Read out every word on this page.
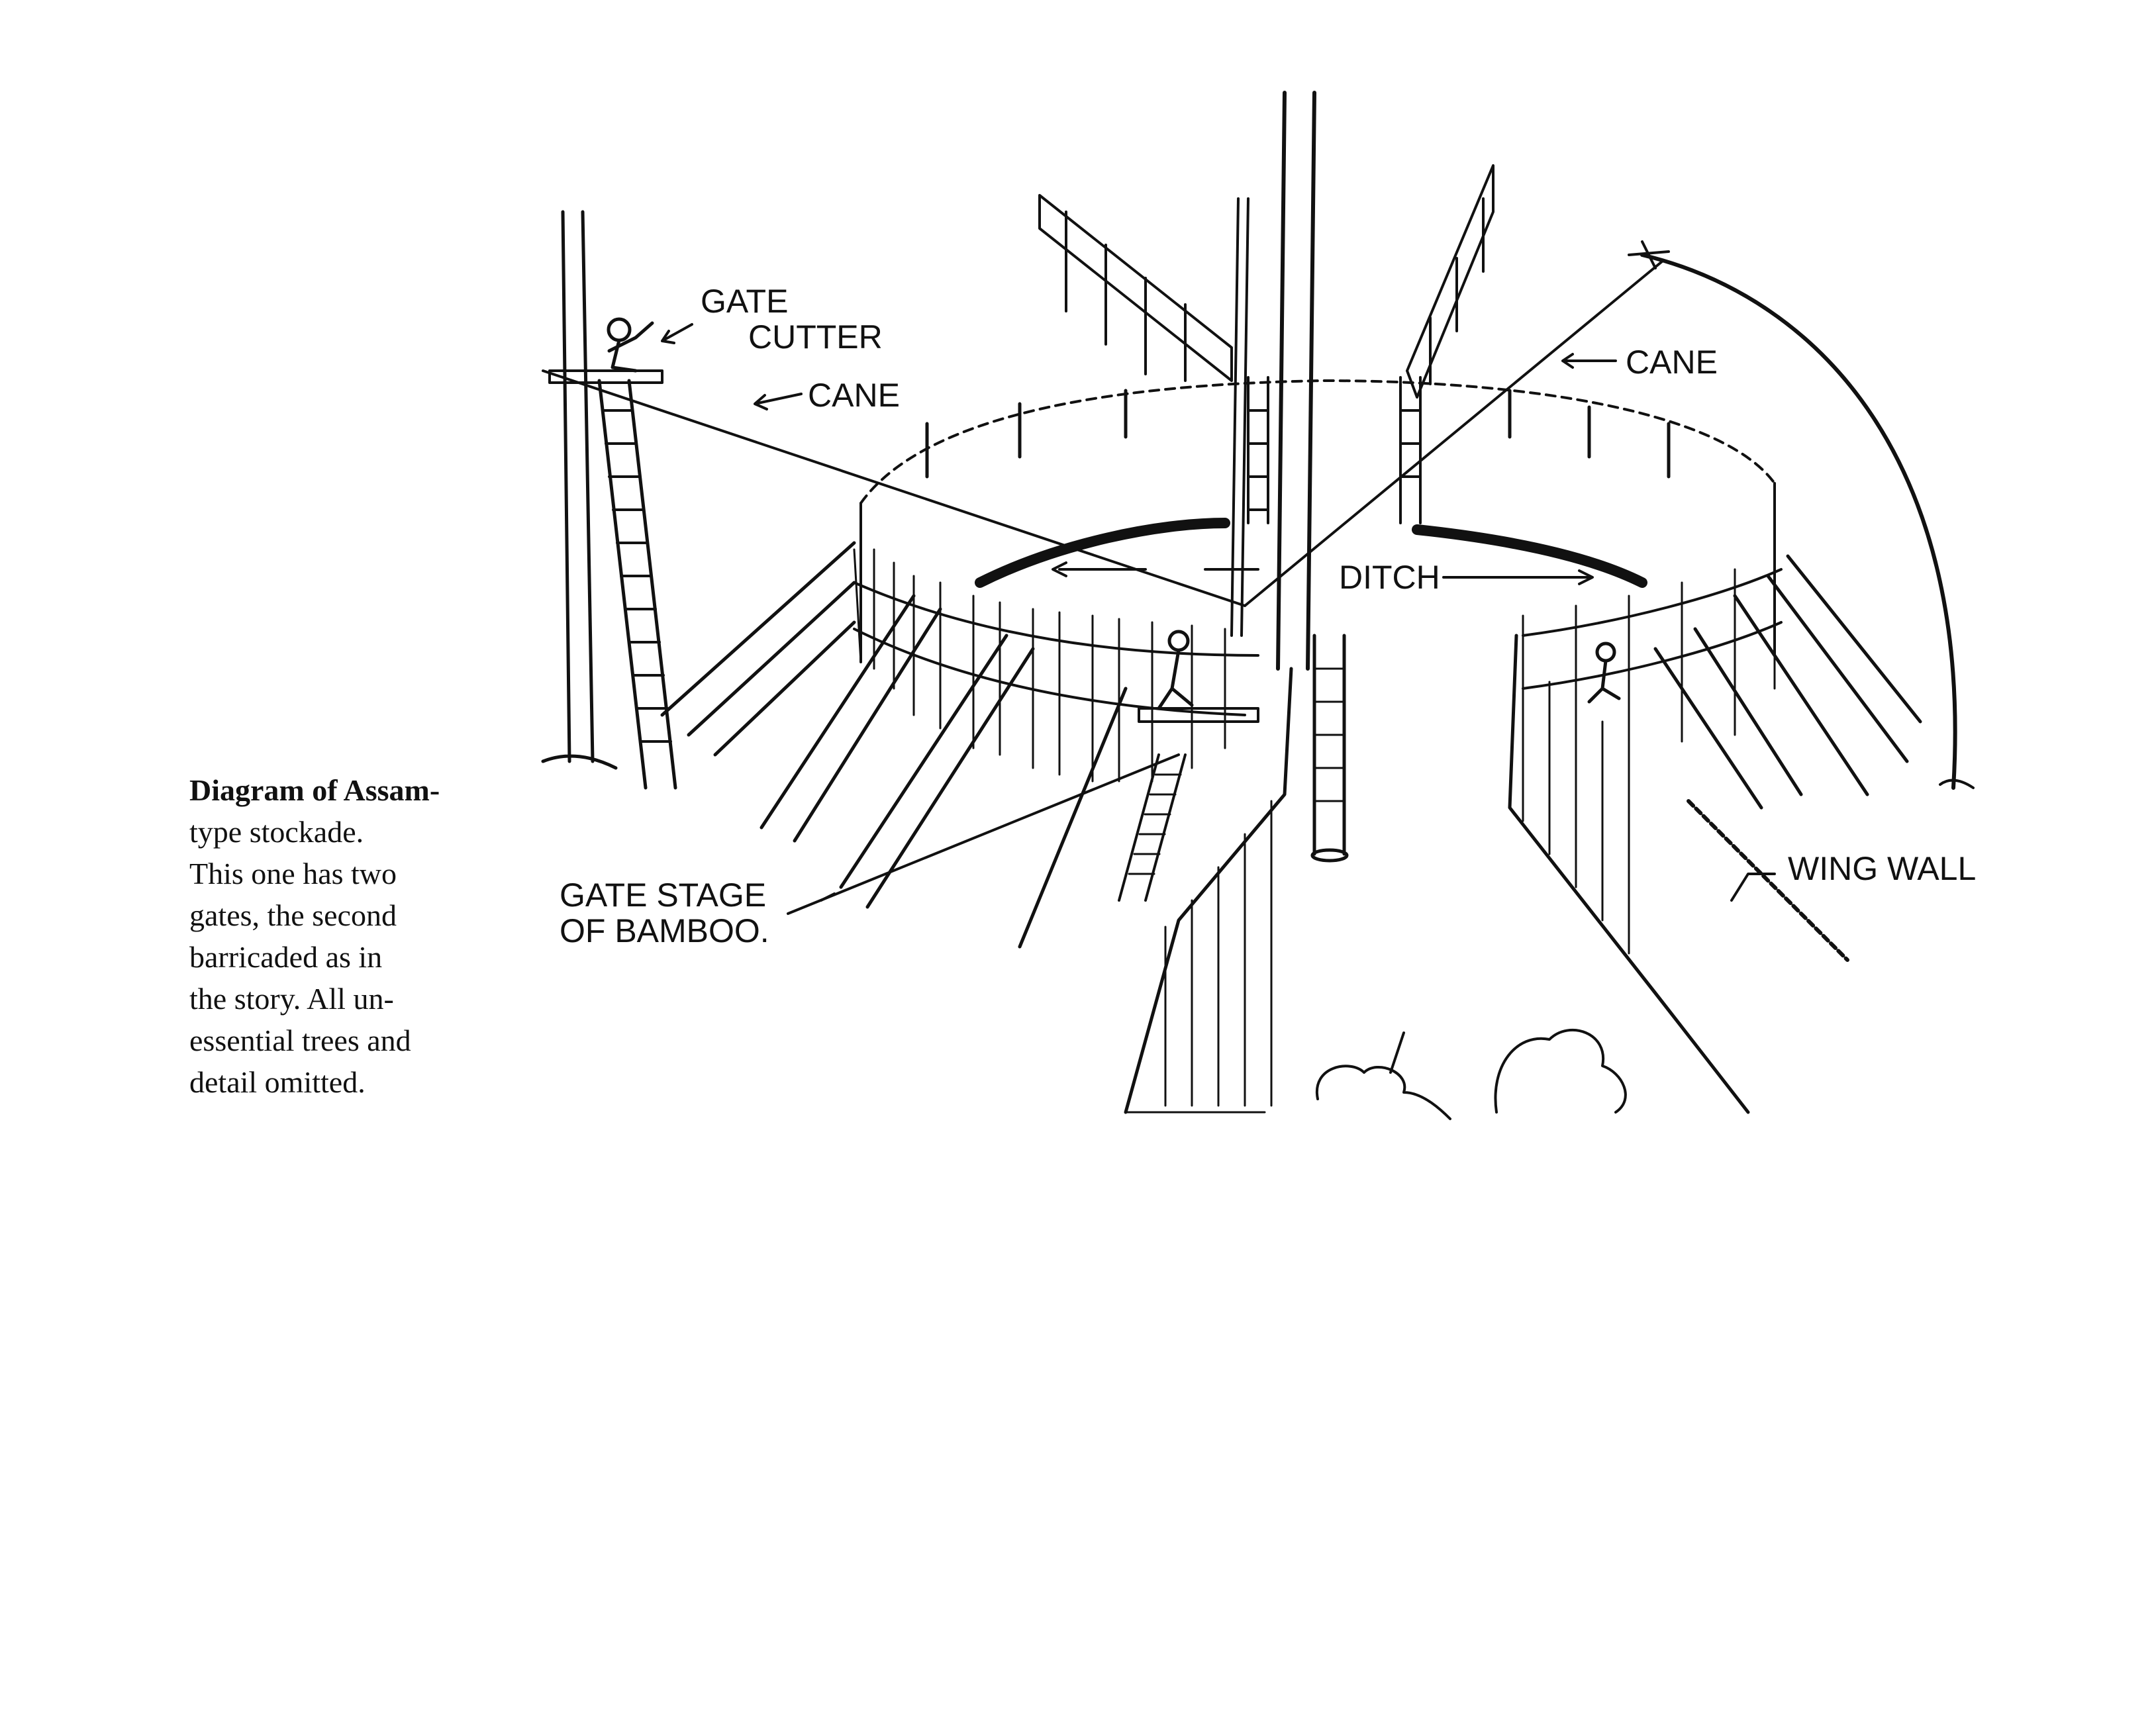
GATE
CUTTER
CANE
CANE
DITCH
GATE STAGE
OF BAMBOO.
WING WALL

Diagram of Assam-
type stockade.
This one has two
gates, the second
barricaded as in
the story. All un-
essential trees and
detail omitted.
